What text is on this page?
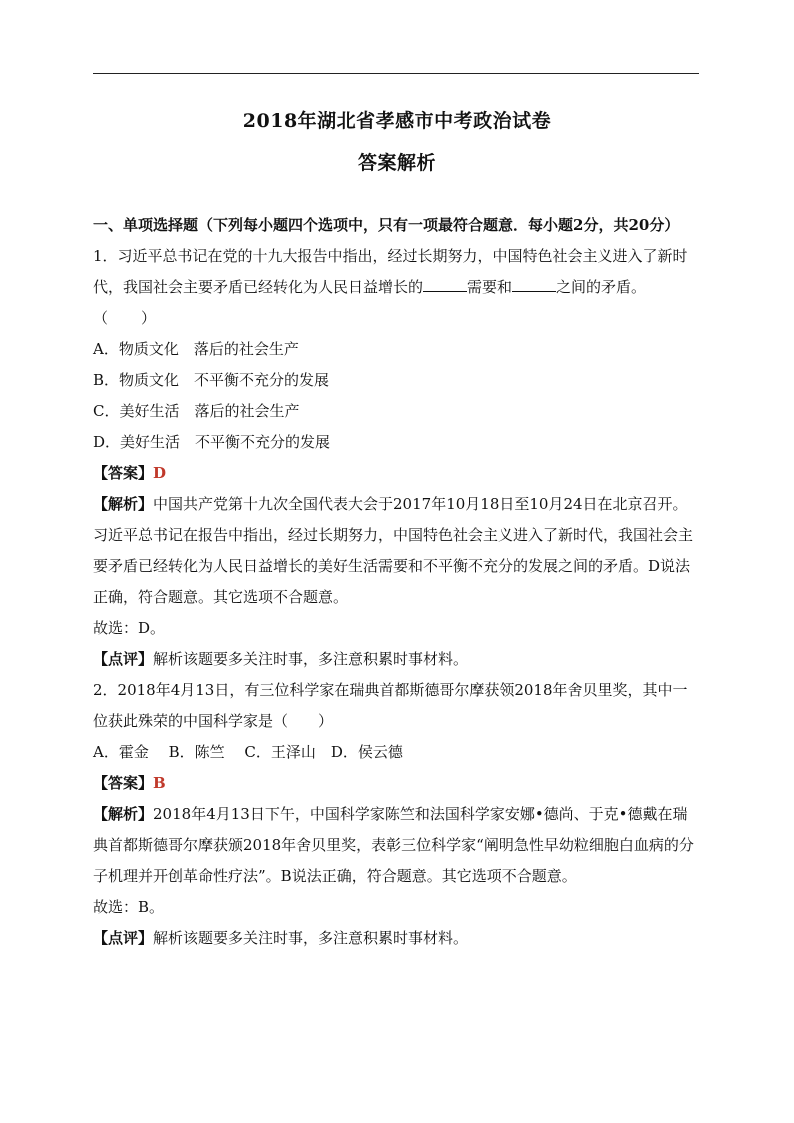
2018年湖北省孝感市中考政治试卷
答案解析

一、单项选择题（下列每小题四个选项中，只有一项最符合题意．每小题2分，共20分）

1．习近平总书记在党的十九大报告中指出，经过长期努力，中国特色社会主义进入了新时代，我国社会主要矛盾已经转化为人民日益增长的	需要和	之间的矛盾。

（　　）

A．物质文化　落后的社会生产

B．物质文化　不平衡不充分的发展

C．美好生活　落后的社会生产

D．美好生活　不平衡不充分的发展

【答案】D

【解析】中国共产党第十九次全国代表大会于2017年10月18日至10月24日在北京召开。习近平总书记在报告中指出，经过长期努力，中国特色社会主义进入了新时代，我国社会主要矛盾已经转化为人民日益增长的美好生活需要和不平衡不充分的发展之间的矛盾。D说法正确，符合题意。其它选项不合题意。

故选：D。

【点评】解析该题要多关注时事，多注意积累时事材料。

2．2018年4月13日，有三位科学家在瑞典首都斯德哥尔摩获领2018年舍贝里奖，其中一位获此殊荣的中国科学家是（　　）

A．霍金　 B．陈竺　 C．王泽山　D．侯云德

【答案】B

【解析】2018年4月13日下午，中国科学家陈竺和法国科学家安娜•德尚、于克•德戴在瑞典首都斯德哥尔摩获颁2018年舍贝里奖，表彰三位科学家“阐明急性早幼粒细胞白血病的分子机理并开创革命性疗法”。B说法正确，符合题意。其它选项不合题意。

故选：B。

【点评】解析该题要多关注时事，多注意积累时事材料。
